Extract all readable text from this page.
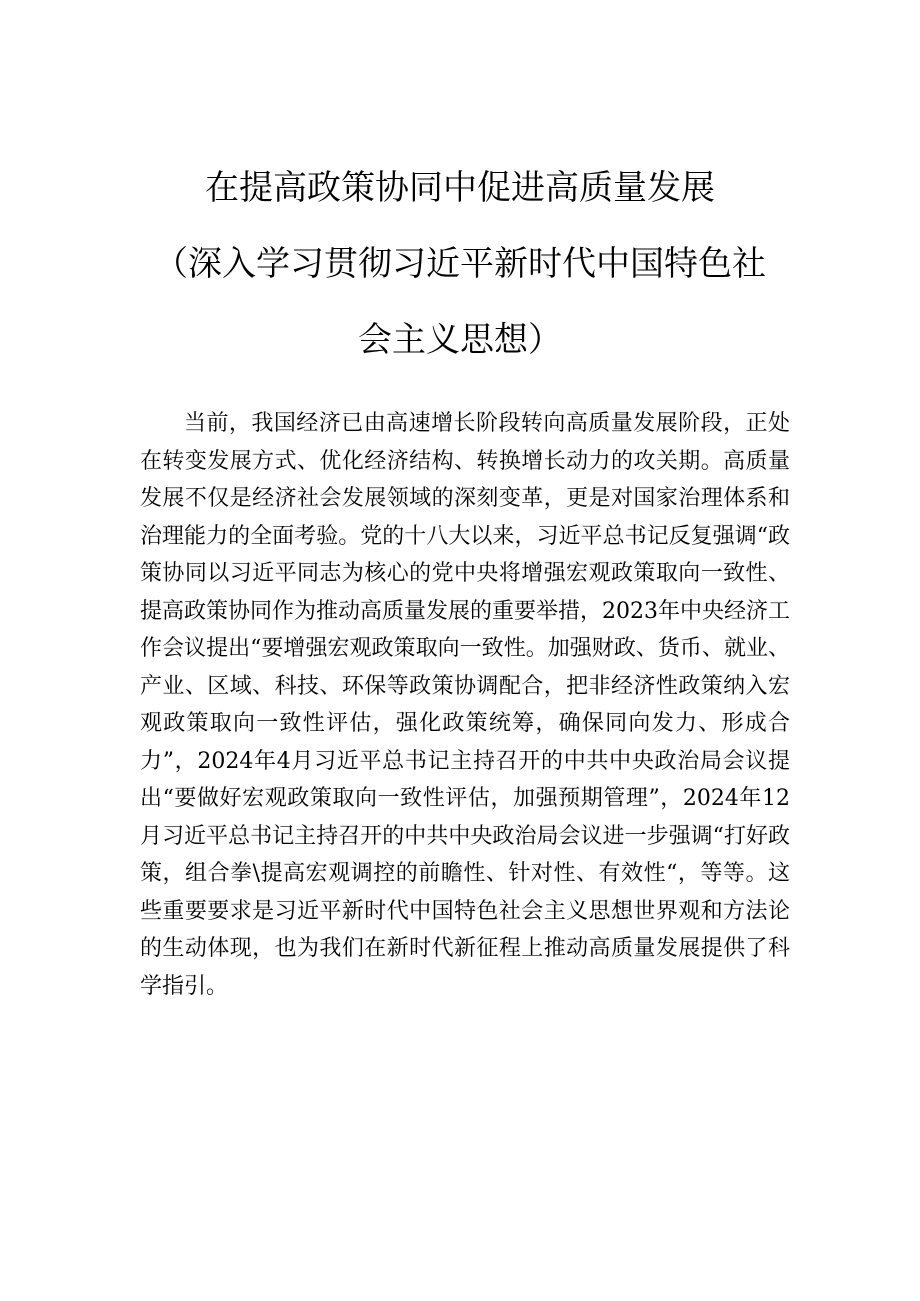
在提高政策协同中促进高质量发展
（深入学习贯彻习近平新时代中国特色社
会主义思想）

当前，我国经济已由高速增长阶段转向高质量发展阶段，正处在转变发展方式、优化经济结构、转换增长动力的攻关期。高质量发展不仅是经济社会发展领域的深刻变革，更是对国家治理体系和治理能力的全面考验。党的十八大以来，习近平总书记反复强调“政策协同以习近平同志为核心的党中央将增强宏观政策取向一致性、提高政策协同作为推动高质量发展的重要举措，2023年中央经济工作会议提出“要增强宏观政策取向一致性。加强财政、货币、就业、产业、区域、科技、环保等政策协调配合，把非经济性政策纳入宏观政策取向一致性评估，强化政策统筹，确保同向发力、形成合力”，2024年4月习近平总书记主持召开的中共中央政治局会议提出“要做好宏观政策取向一致性评估，加强预期管理”，2024年12月习近平总书记主持召开的中共中央政治局会议进一步强调“打好政策，组合拳\提高宏观调控的前瞻性、针对性、有效性“，等等。这些重要要求是习近平新时代中国特色社会主义思想世界观和方法论的生动体现，也为我们在新时代新征程上推动高质量发展提供了科学指引。
